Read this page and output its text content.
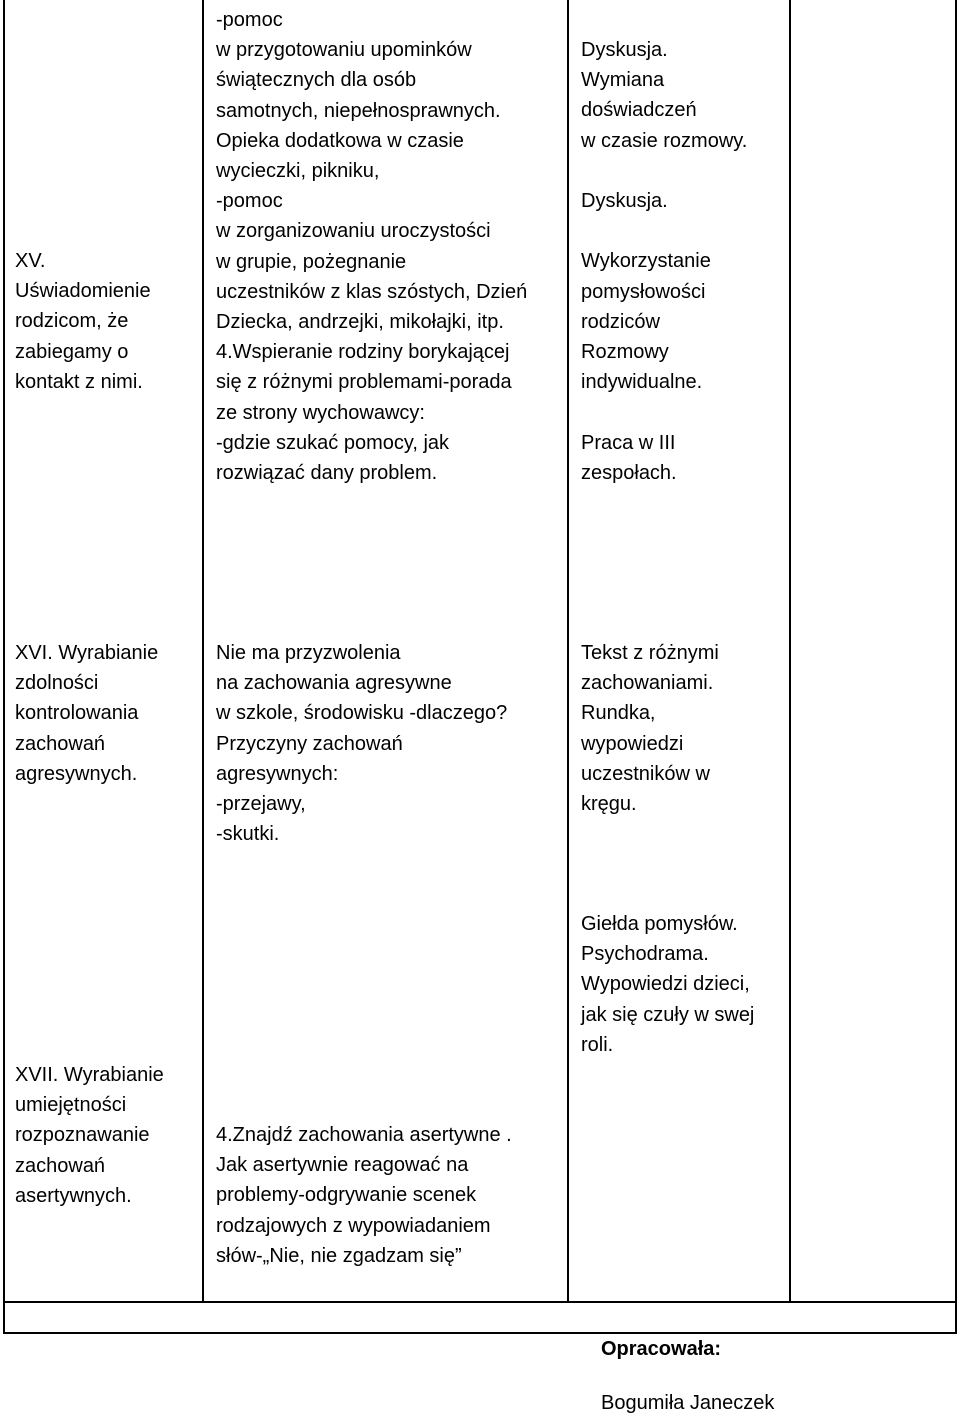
XV.
Uświadomienie
rodzicom, że
zabiegamy o
kontakt z nimi.
-pomoc
w przygotowaniu upominków
świątecznych dla osób
samotnych, niepełnosprawnych.
Opieka dodatkowa w czasie
wycieczki, pikniku,
-pomoc
w zorganizowaniu uroczystości
w grupie, pożegnanie
uczestników z klas szóstych, Dzień
Dziecka, andrzejki, mikołajki, itp.
4.Wspieranie rodziny borykającej
się z różnymi problemami-porada
ze strony wychowawcy:
-gdzie szukać pomocy, jak
rozwiązać dany problem.
Dyskusja.
Wymiana
doświadczeń
w czasie rozmowy.
Dyskusja.
Wykorzystanie
pomysłowości
rodziców
Rozmowy
indywidualne.
Praca w III
zespołach.
XVI. Wyrabianie
zdolności
kontrolowania
zachowań
agresywnych.
Nie ma przyzwolenia
na zachowania agresywne
w szkole, środowisku -dlaczego?
Przyczyny zachowań
agresywnych:
-przejawy,
-skutki.
Tekst z różnymi
zachowaniami.
Rundka,
wypowiedzi
uczestników w
kręgu.
XVII. Wyrabianie
umiejętności
rozpoznawanie
zachowań
asertywnych.
4.Znajdź zachowania asertywne .
Jak asertywnie reagować na
problemy-odgrywanie scenek
rodzajowych z wypowiadaniem
słów-„Nie, nie zgadzam się”
Giełda pomysłów.
Psychodrama.
Wypowiedzi dzieci,
jak się czuły w swej
roli.
Opracowała:
Bogumiła Janeczek
